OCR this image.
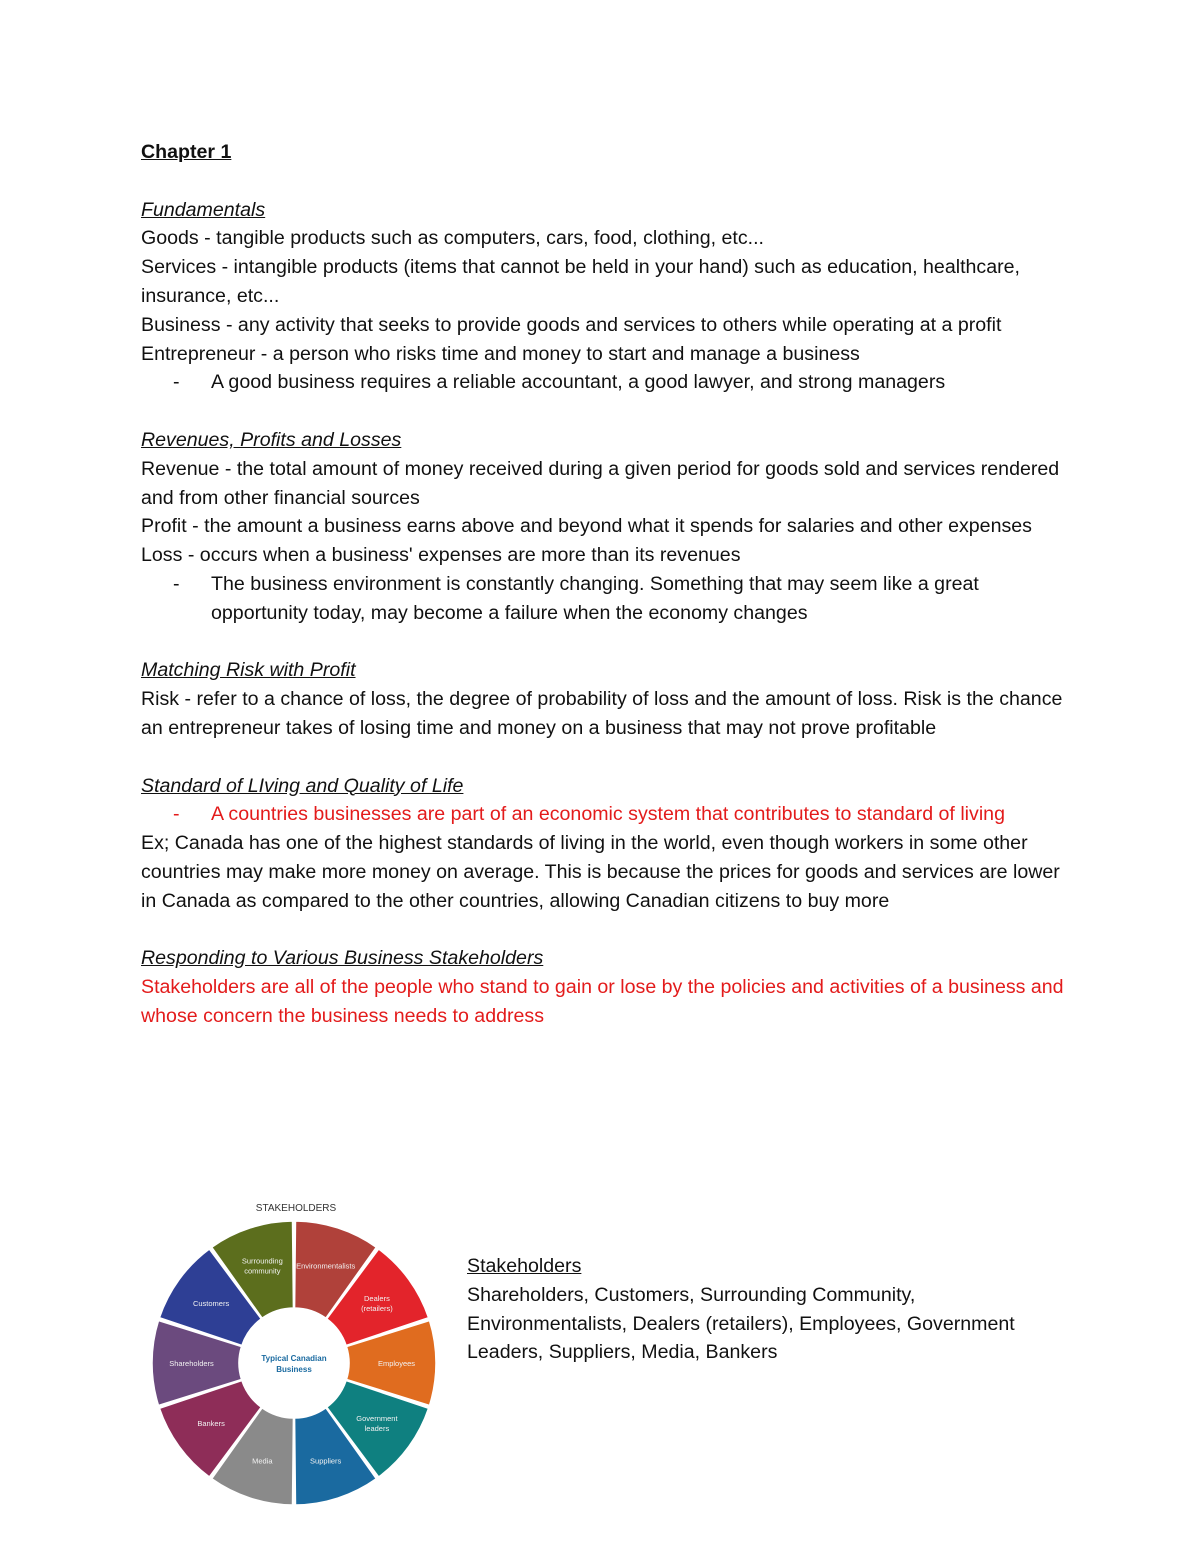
Chapter 1

Fundamentals

Goods - tangible products such as computers, cars, food, clothing, etc...

Services - intangible products (items that cannot be held in your hand) such as education, healthcare, insurance, etc...

Business - any activity that seeks to provide goods and services to others while operating at a profit

Entrepreneur - a person who risks time and money to start and manage a business

- A good business requires a reliable accountant, a good lawyer, and strong managers

Revenues, Profits and Losses

Revenue - the total amount of money received during a given period for goods sold and services rendered and from other financial sources

Profit - the amount a business earns above and beyond what it spends for salaries and other expenses

Loss - occurs when a business' expenses are more than its revenues

- The business environment is constantly changing. Something that may seem like a great opportunity today, may become a failure when the economy changes

Matching Risk with Profit

Risk - refer to a chance of loss, the degree of probability of loss and the amount of loss. Risk is the chance an entrepreneur takes of losing time and money on a business that may not prove profitable

Standard of LIving and Quality of Life

- A countries businesses are part of an economic system that contributes to standard of living

Ex; Canada has one of the highest standards of living in the world, even though workers in some other countries may make more money on average. This is because the prices for goods and services are lower in Canada as compared to the other countries, allowing Canadian citizens to buy more

Responding to Various Business Stakeholders

Stakeholders are all of the people who stand to gain or lose by the policies and activities of a business and whose concern the business needs to address

STAKEHOLDERS
Shareholders
Customers
Surrounding
community
Environmentalists
Dealers
(retailers)
Employees
Government
leaders
Suppliers
Media
Bankers
Typical Canadian
Business

Stakeholders

Shareholders, Customers, Surrounding Community, Environmentalists, Dealers (retailers), Employees, Government Leaders, Suppliers, Media, Bankers
